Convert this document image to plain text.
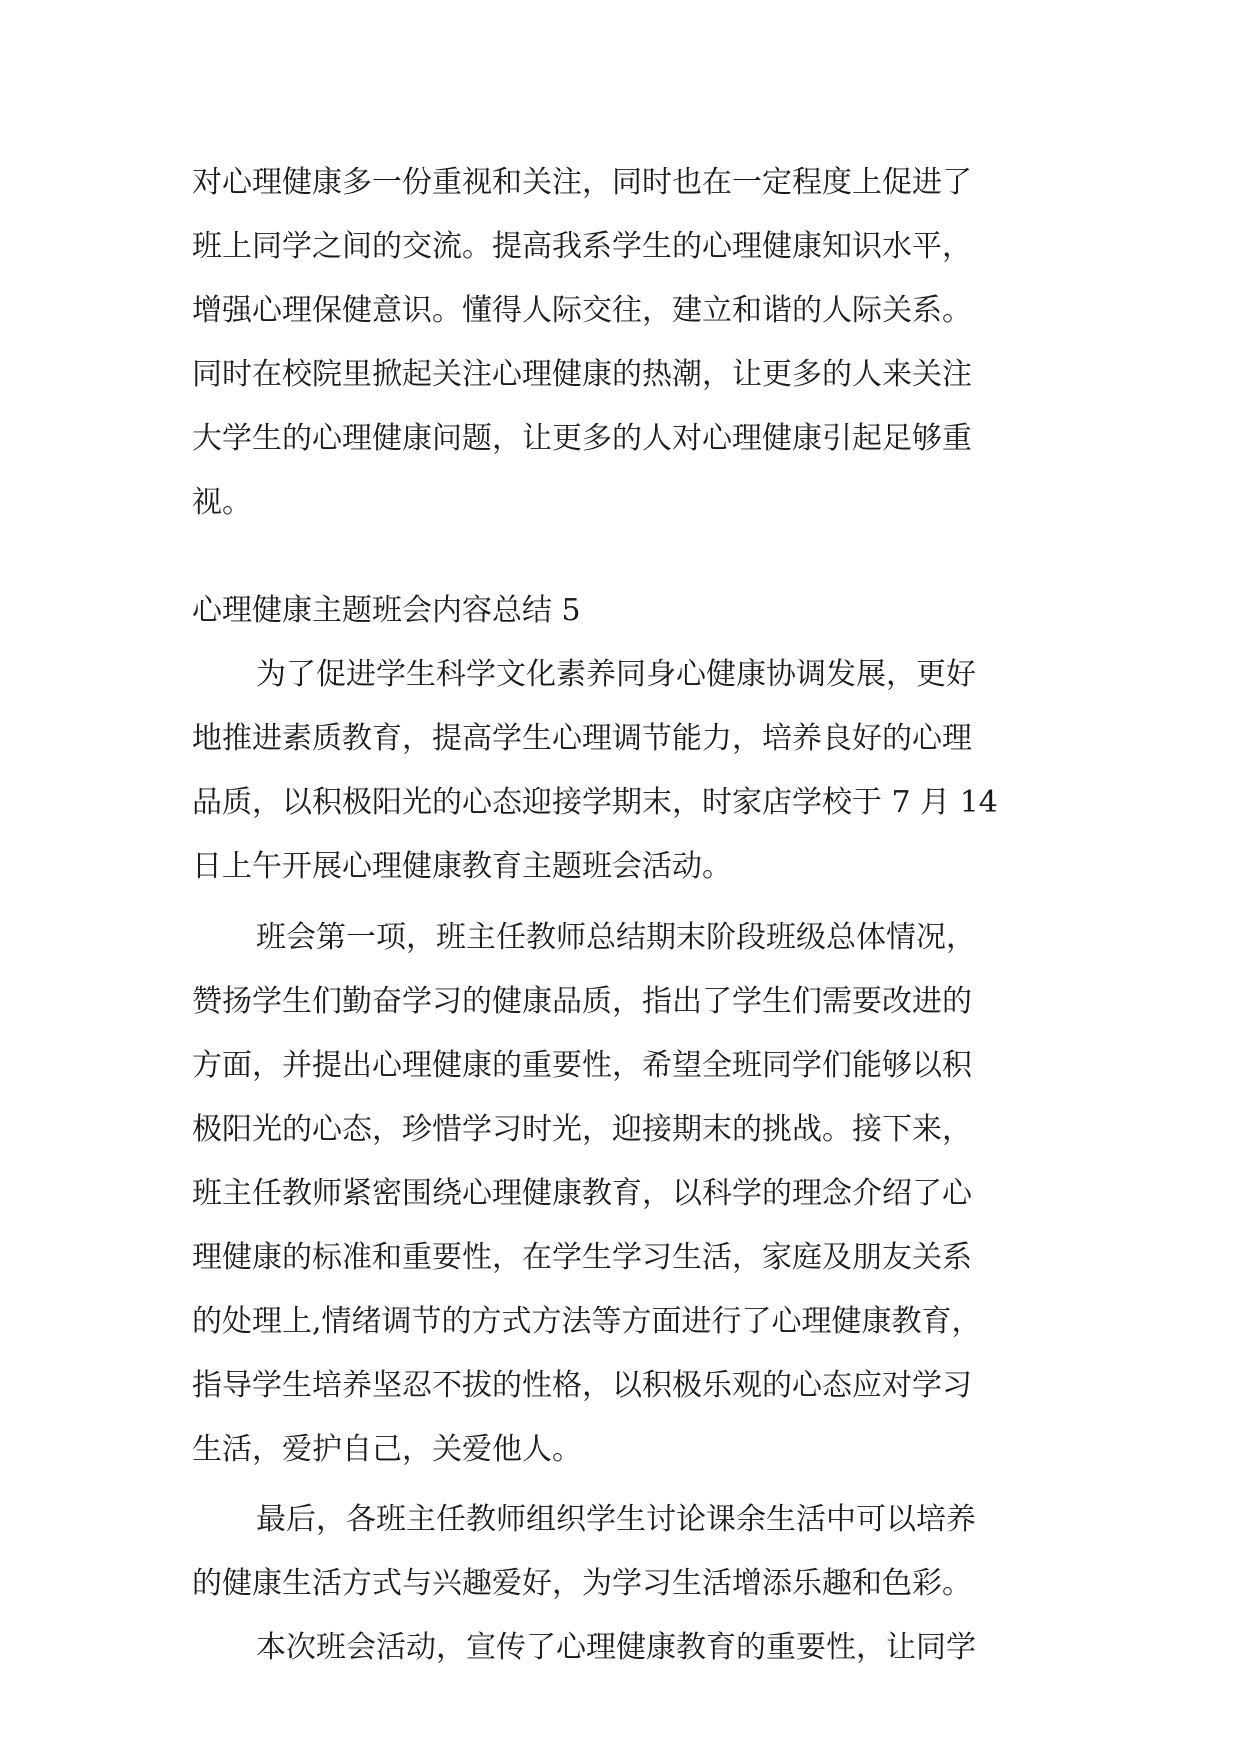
对心理健康多一份重视和关注，同时也在一定程度上促进了
班上同学之间的交流。提高我系学生的心理健康知识水平，
增强心理保健意识。懂得人际交往，建立和谐的人际关系。
同时在校院里掀起关注心理健康的热潮，让更多的人来关注
大学生的心理健康问题，让更多的人对心理健康引起足够重
视。
心理健康主题班会内容总结 5
为了促进学生科学文化素养同身心健康协调发展，更好
地推进素质教育，提高学生心理调节能力，培养良好的心理
品质，以积极阳光的心态迎接学期末，时家店学校于 7 月 14
日上午开展心理健康教育主题班会活动。
班会第一项，班主任教师总结期末阶段班级总体情况，
赞扬学生们勤奋学习的健康品质，指出了学生们需要改进的
方面，并提出心理健康的重要性，希望全班同学们能够以积
极阳光的心态，珍惜学习时光，迎接期末的挑战。接下来，
班主任教师紧密围绕心理健康教育，以科学的理念介绍了心
理健康的标准和重要性，在学生学习生活，家庭及朋友关系
的处理上,情绪调节的方式方法等方面进行了心理健康教育，
指导学生培养坚忍不拔的性格，以积极乐观的心态应对学习
生活，爱护自己，关爱他人。
最后，各班主任教师组织学生讨论课余生活中可以培养
的健康生活方式与兴趣爱好，为学习生活增添乐趣和色彩。
本次班会活动，宣传了心理健康教育的重要性，让同学
